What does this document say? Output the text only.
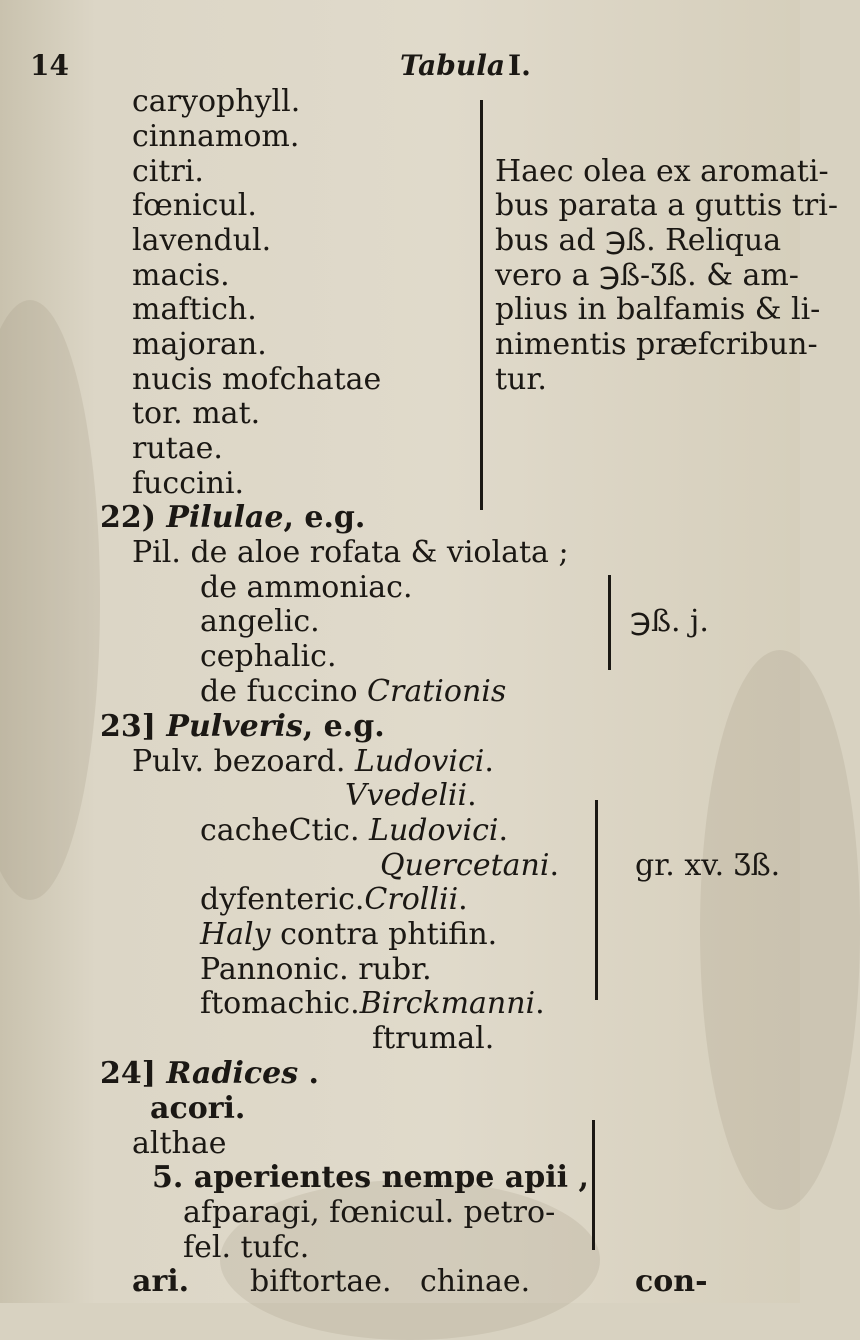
14	Tabula I.
caryophyll.
cinnamom.
citri.
fœnicul.
lavendul.
macis.
maftich.
majoran.
nucis mofchatae
tor. mat.
rutae.
fuccini.
Haec olea ex aromati-
bus parata a guttis tri-
bus ad ℈ß. Reliqua
vero a ℈ß-Ʒß. & am-
plius in balfamis & li-
nimentis præfcribun-
tur.
22) Pilulae, e.g.
Pil. de aloe rofata & violata ;
de ammoniac.
angelic.
cephalic.
de fuccino Crationis
℈ß. j.
23] Pulveris, e.g.
Pulv. bezoard. Ludovici.
Vvedelii.
cacheCtic. Ludovici.
Quercetani.
dyfenteric.Crollii.
Haly contra phtifin.
Pannonic. rubr.
ftomachic.Birckmanni.
ftrumal.
gr. xv. Ʒß.
24] Radices .
acori.
althae
5. aperientes nempe apii ,
afparagi, fœnicul. petro-
fel. tufc.
ari. biftortae. chinae.	con-
